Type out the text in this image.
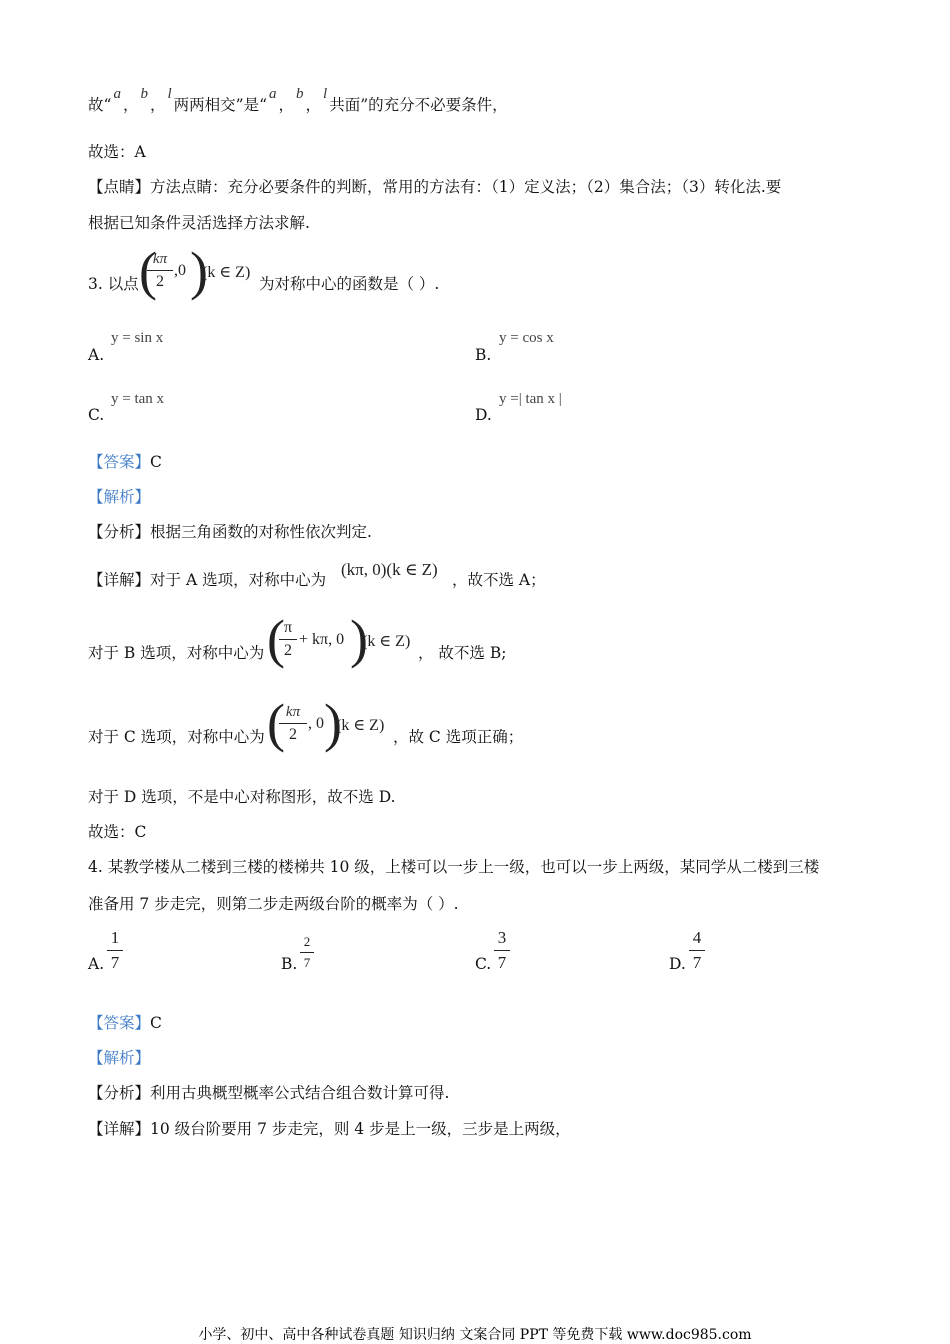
故“a，b，l两两相交”是“a，b，l共面”的充分不必要条件，
故选：A
【点睛】方法点睛：充分必要条件的判断，常用的方法有：（1）定义法；（2）集合法；（3）转化法.要
根据已知条件灵活选择方法求解.
3. 以点 (
kπ
2
,0 )
(k ∈ Z)
为对称中心的函数是（ ）.
A.
y = sin x
B.
y = cos x
C.
y = tan x
D.
y =| tan x |
【答案】C
【解析】
【分析】根据三角函数的对称性依次判定.
【详解】对于 A 选项，对称中心为
(kπ, 0)(k ∈ Z)
，故不选 A；
对于 B 选项，对称中心为 (
π
2
+ kπ, 0 )
(k ∈ Z)
， 故不选 B;
对于 C 选项，对称中心为 ( kπ
2
, 0 )
(k ∈ Z)
，故 C 选项正确；
对于 D 选项，不是中心对称图形，故不选 D.
故选：C
4. 某教学楼从二楼到三楼的楼梯共 10 级，上楼可以一步上一级，也可以一步上两级，某同学从二楼到三楼
准备用 7 步走完，则第二步走两级台阶的概率为（ ）.
A.
1
7	B.
2
7	C.
3
7	D.
4
7
【答案】C
【解析】
【分析】利用古典概型概率公式结合组合数计算可得.
【详解】10 级台阶要用 7 步走完，则 4 步是上一级，三步是上两级，
小学、初中、高中各种试卷真题 知识归纳 文案合同 PPT 等免费下载 www.doc985.com
